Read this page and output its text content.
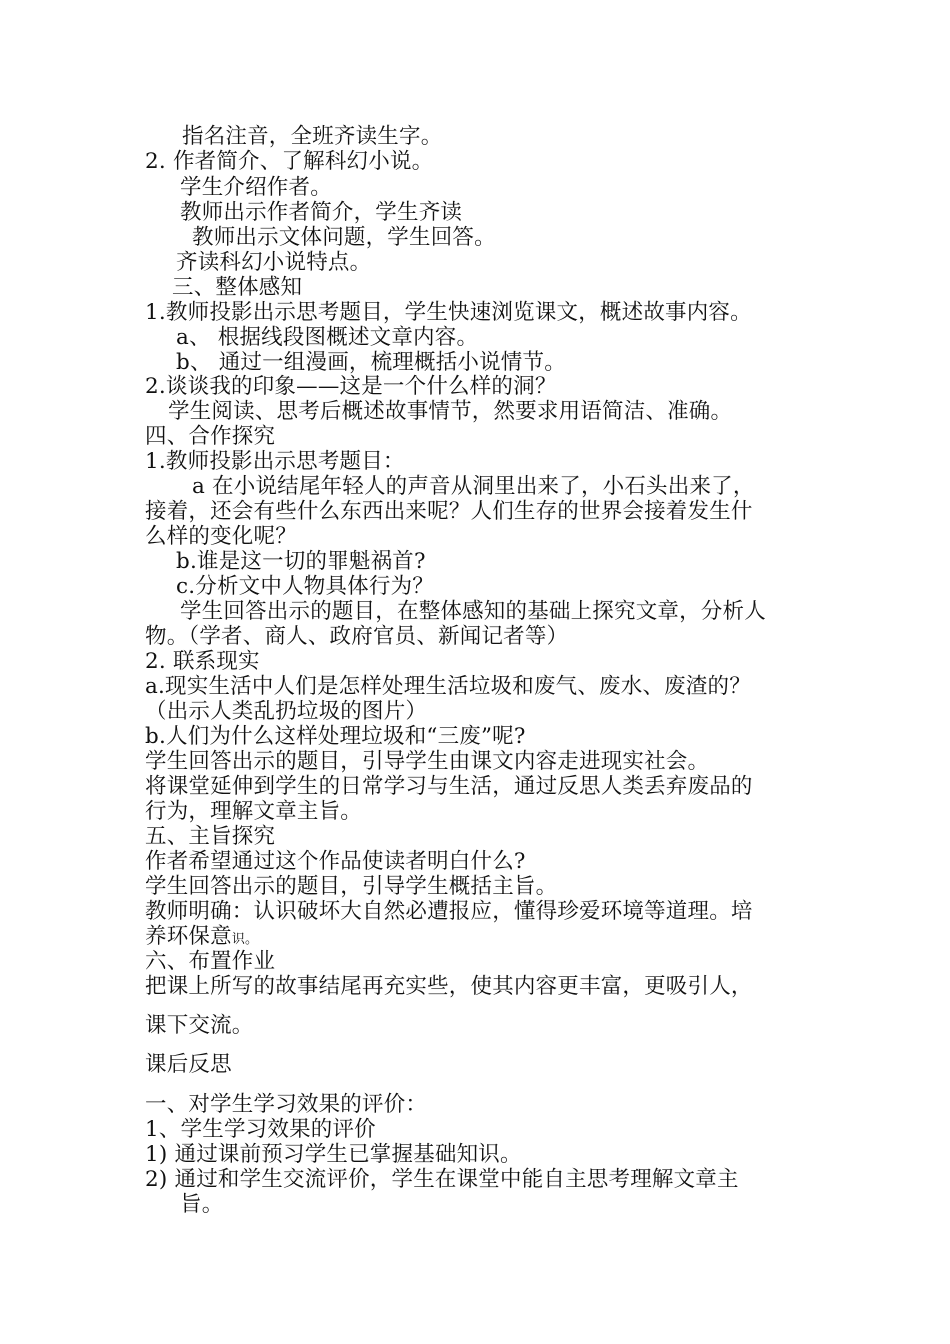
指名注音，全班齐读生字。
2. 作者简介、了解科幻小说。
学生介绍作者。
教师出示作者简介，学生齐读
教师出示文体问题，学生回答。
齐读科幻小说特点。
三、整体感知
1.教师投影出示思考题目，学生快速浏览课文，概述故事内容。
a、 根据线段图概述文章内容。
b、 通过一组漫画，梳理概括小说情节。
2.谈谈我的印象——这是一个什么样的洞？
学生阅读、思考后概述故事情节，然要求用语简洁、准确。
四、合作探究
1.教师投影出示思考题目：
a 在小说结尾年轻人的声音从洞里出来了，小石头出来了，
接着，还会有些什么东西出来呢？人们生存的世界会接着发生什
么样的变化呢？
b.谁是这一切的罪魁祸首?
c.分析文中人物具体行为？
学生回答出示的题目，在整体感知的基础上探究文章，分析人
物。（学者、商人、政府官员、新闻记者等）
2. 联系现实
a.现实生活中人们是怎样处理生活垃圾和废气、废水、废渣的？
（出示人类乱扔垃圾的图片）
b.人们为什么这样处理垃圾和“三废”呢?
学生回答出示的题目，引导学生由课文内容走进现实社会。
将课堂延伸到学生的日常学习与生活，通过反思人类丢弃废品的
行为，理解文章主旨。
五、主旨探究
作者希望通过这个作品使读者明白什么?
学生回答出示的题目，引导学生概括主旨。
教师明确：认识破坏大自然必遭报应，懂得珍爱环境等道理。培
养环保意识。
六、布置作业
把课上所写的故事结尾再充实些，使其内容更丰富，更吸引人，
课下交流。
课后反思
一、对学生学习效果的评价：
1、学生学习效果的评价
1) 通过课前预习学生已掌握基础知识。
2) 通过和学生交流评价，学生在课堂中能自主思考理解文章主
旨。
